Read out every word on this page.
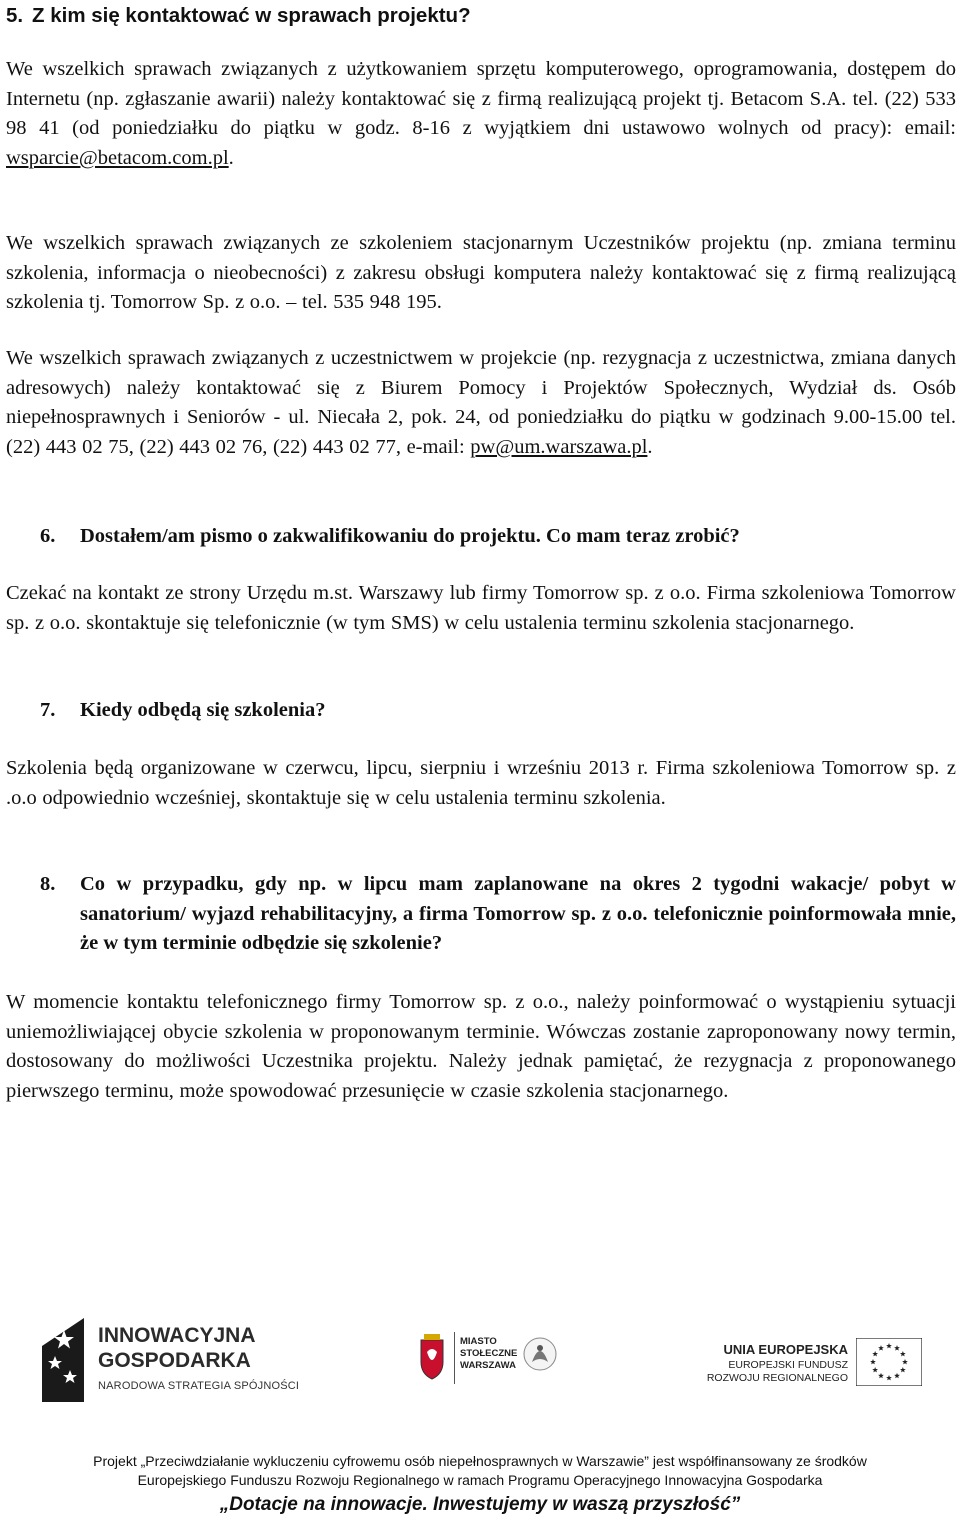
5. Z kim się kontaktować w sprawach projektu?

We wszelkich sprawach związanych z użytkowaniem sprzętu komputerowego, oprogramowania, dostępem do Internetu (np. zgłaszanie awarii) należy kontaktować się z firmą realizującą projekt tj. Betacom S.A. tel. (22) 533 98 41 (od poniedziałku do piątku w godz. 8-16 z wyjątkiem dni ustawowo wolnych od pracy): email: wsparcie@betacom.com.pl.

We wszelkich sprawach związanych ze szkoleniem stacjonarnym Uczestników projektu (np. zmiana terminu szkolenia, informacja o nieobecności) z zakresu obsługi komputera należy kontaktować się z firmą realizującą szkolenia tj. Tomorrow Sp. z o.o. – tel. 535 948 195.

We wszelkich sprawach związanych z uczestnictwem w projekcie (np. rezygnacja z uczestnictwa, zmiana danych adresowych) należy kontaktować się z Biurem Pomocy i Projektów Społecznych, Wydział ds. Osób niepełnosprawnych i Seniorów - ul. Niecała 2, pok. 24, od poniedziałku do piątku w godzinach 9.00-15.00 tel. (22) 443 02 75, (22) 443 02 76, (22) 443 02 77, e-mail: pw@um.warszawa.pl.

6.	Dostałem/am pismo o zakwalifikowaniu do projektu. Co mam teraz zrobić?

Czekać na kontakt ze strony Urzędu m.st. Warszawy lub firmy Tomorrow sp. z o.o. Firma szkoleniowa Tomorrow sp. z o.o. skontaktuje się telefonicznie (w tym SMS) w celu ustalenia terminu szkolenia stacjonarnego.

7.	Kiedy odbędą się szkolenia?

Szkolenia będą organizowane w czerwcu, lipcu, sierpniu i wrześniu 2013 r. Firma szkoleniowa Tomorrow sp. z .o.o odpowiednio wcześniej, skontaktuje się w celu ustalenia terminu szkolenia.

8.	Co w przypadku, gdy np. w lipcu mam zaplanowane na okres 2 tygodni wakacje/ pobyt w sanatorium/ wyjazd rehabilitacyjny, a firma Tomorrow sp. z o.o. telefonicznie poinformowała mnie, że w tym terminie odbędzie się szkolenie?

W momencie kontaktu telefonicznego firmy Tomorrow sp. z o.o., należy poinformować o wystąpieniu sytuacji uniemożliwiającej obycie szkolenia w proponowanym terminie. Wówczas zostanie zaproponowany nowy termin, dostosowany do możliwości Uczestnika projektu. Należy jednak pamiętać, że rezygnacja z proponowanego pierwszego terminu, może spowodować przesunięcie w czasie szkolenia stacjonarnego.

INNOWACYJNA
GOSPODARKA
NARODOWA STRATEGIA SPÓJNOŚCI
MIASTO
STOŁECZNE
WARSZAWA
UNIA EUROPEJSKA
EUROPEJSKI FUNDUSZ
ROZWOJU REGIONALNEGO

Projekt „Przeciwdziałanie wykluczeniu cyfrowemu osób niepełnosprawnych w Warszawie” jest współfinansowany ze środków

Europejskiego Funduszu Rozwoju Regionalnego w ramach Programu Operacyjnego Innowacyjna Gospodarka

„Dotacje na innowacje. Inwestujemy w waszą przyszłość”
